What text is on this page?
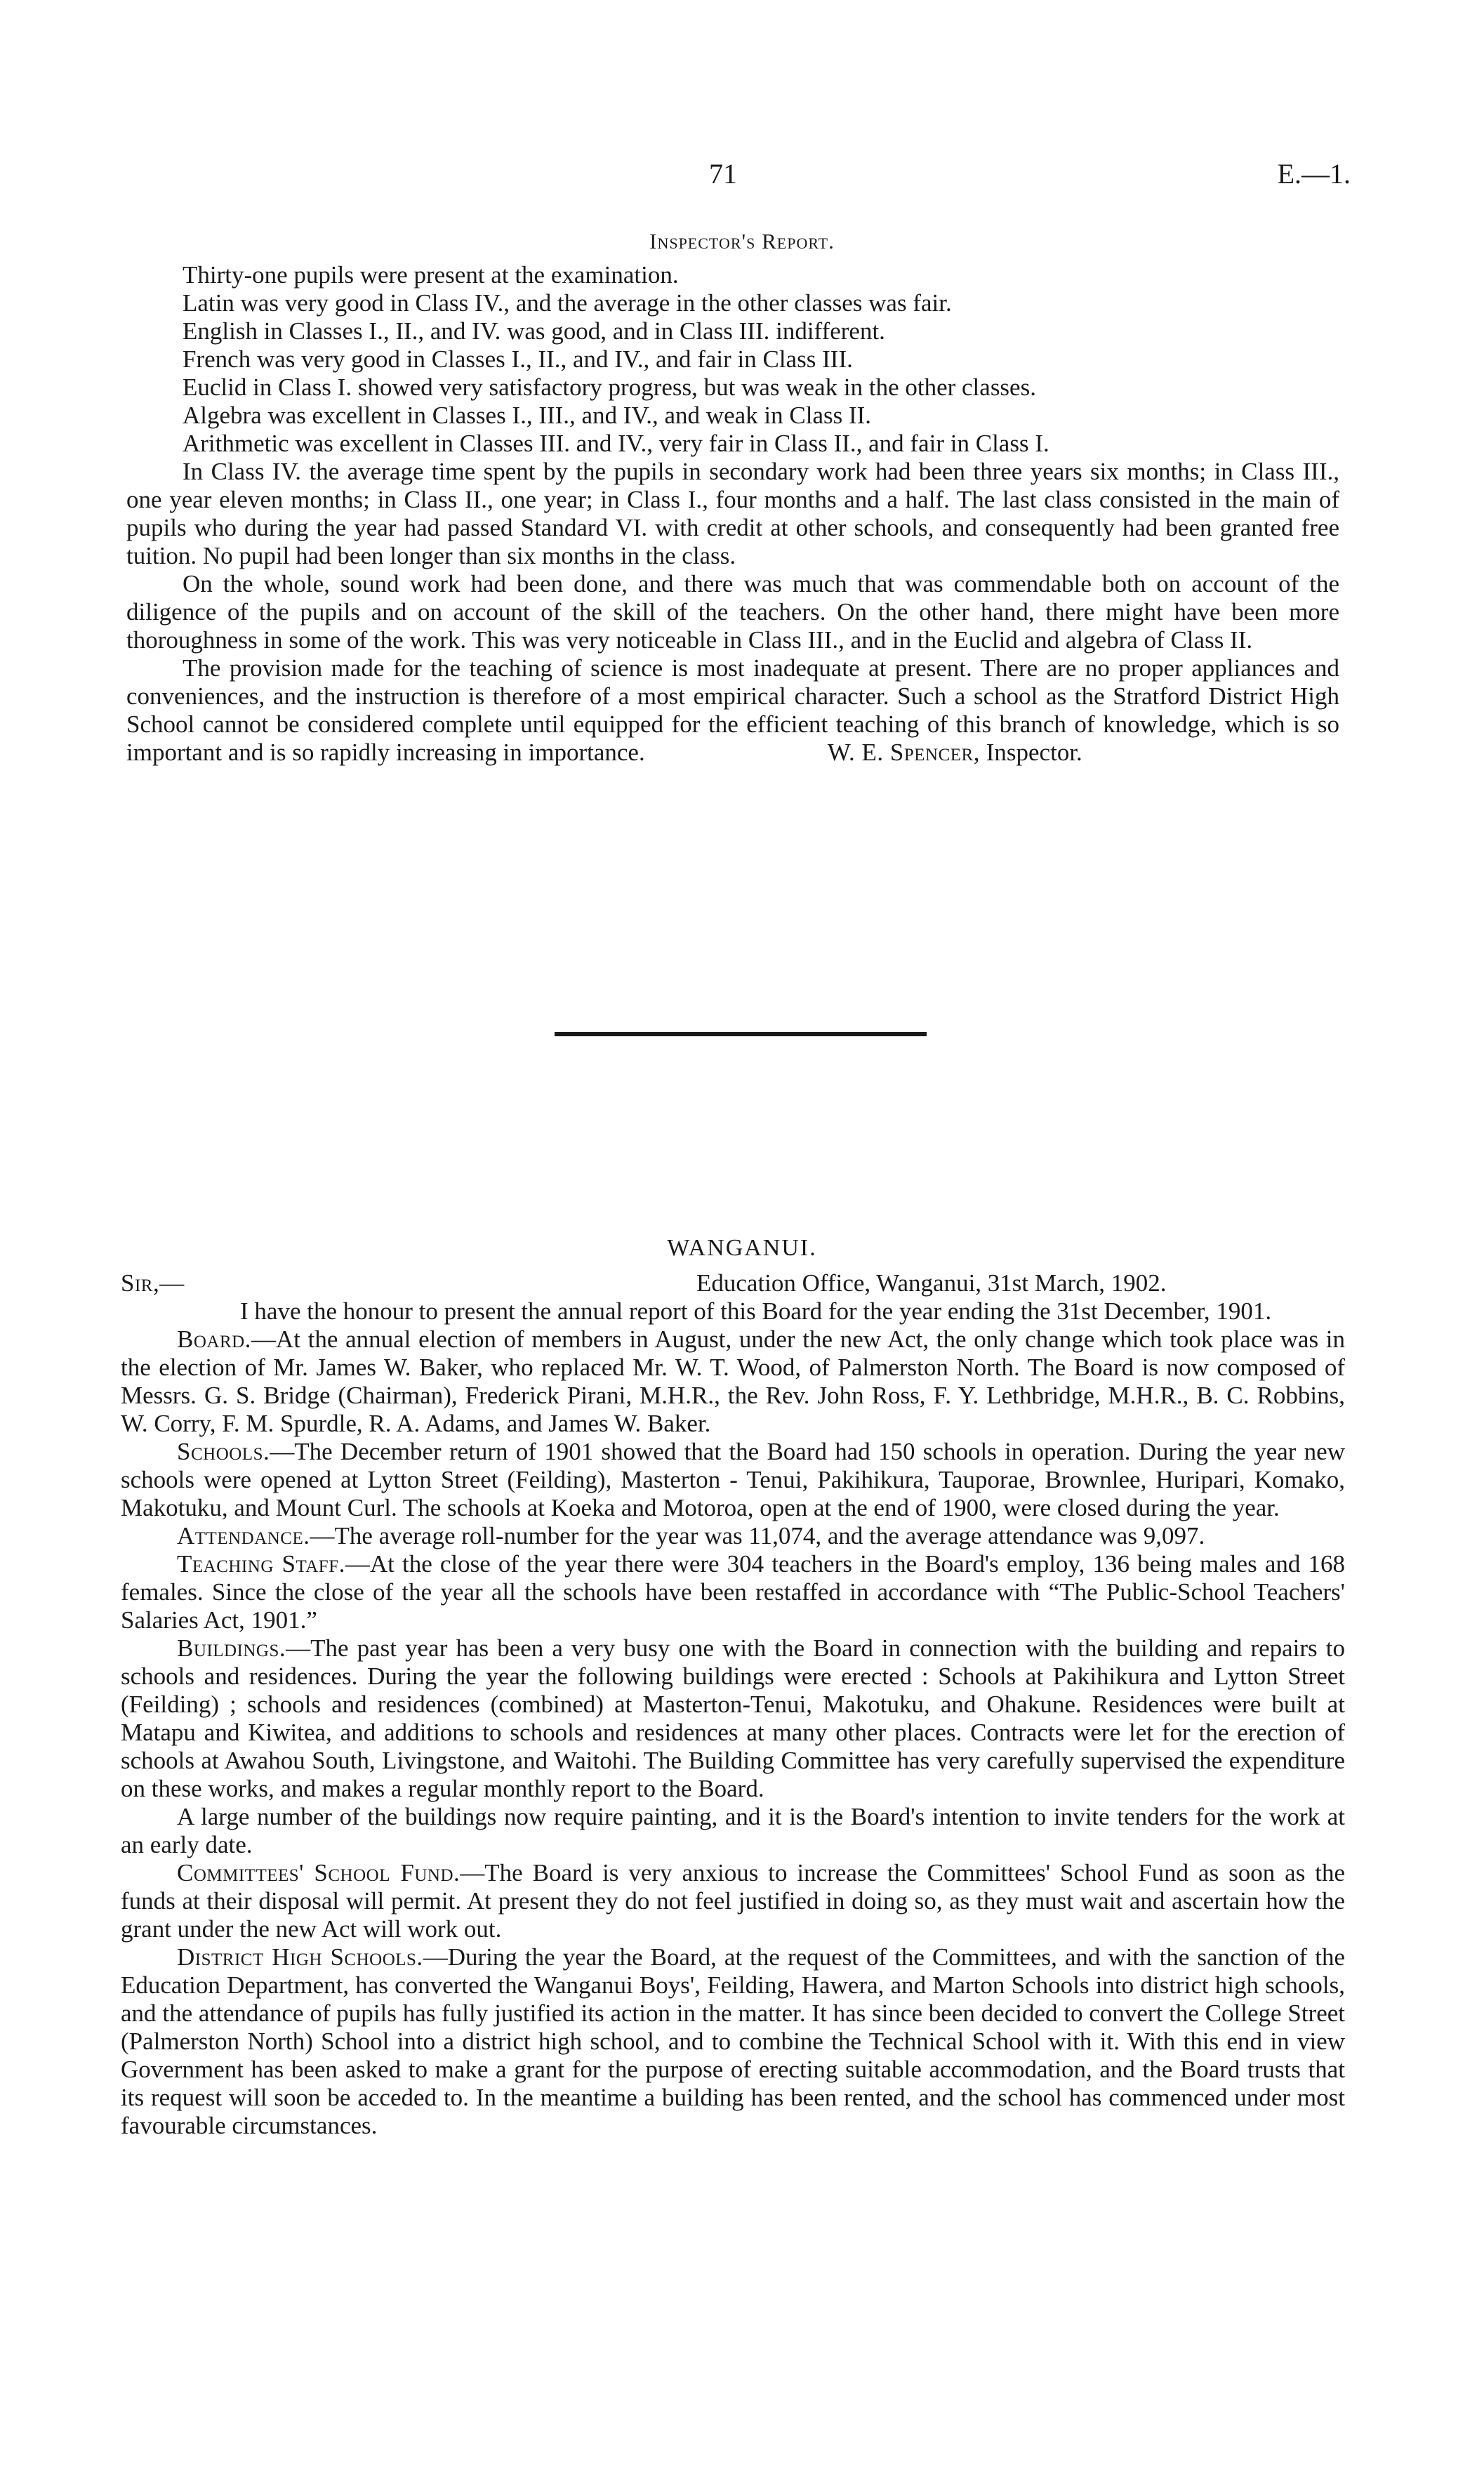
71	E.—1.
Inspector's Report.

Thirty-one pupils were present at the examination.

Latin was very good in Class IV., and the average in the other classes was fair.

English in Classes I., II., and IV. was good, and in Class III. indifferent.

French was very good in Classes I., II., and IV., and fair in Class III.

Euclid in Class I. showed very satisfactory progress, but was weak in the other classes.

Algebra was excellent in Classes I., III., and IV., and weak in Class II.

Arithmetic was excellent in Classes III. and IV., very fair in Class II., and fair in Class I.

In Class IV. the average time spent by the pupils in secondary work had been three years six months; in Class III., one year eleven months; in Class II., one year; in Class I., four months and a half. The last class consisted in the main of pupils who during the year had passed Standard VI. with credit at other schools, and consequently had been granted free tuition. No pupil had been longer than six months in the class.

On the whole, sound work had been done, and there was much that was commendable both on account of the diligence of the pupils and on account of the skill of the teachers. On the other hand, there might have been more thoroughness in some of the work. This was very noticeable in Class III., and in the Euclid and algebra of Class II.

The provision made for the teaching of science is most inadequate at present. There are no proper appliances and conveniences, and the instruction is therefore of a most empirical character. Such a school as the Stratford District High School cannot be considered complete until equipped for the efficient teaching of this branch of knowledge, which is so important and is so rapidly increasing in importance.	W. E. Spencer, Inspector.

WANGANUI.
Sir,—	Education Office, Wanganui, 31st March, 1902.

I have the honour to present the annual report of this Board for the year ending the 31st December, 1901.

Board.—At the annual election of members in August, under the new Act, the only change which took place was in the election of Mr. James W. Baker, who replaced Mr. W. T. Wood, of Palmerston North. The Board is now composed of Messrs. G. S. Bridge (Chairman), Frederick Pirani, M.H.R., the Rev. John Ross, F. Y. Lethbridge, M.H.R., B. C. Robbins, W. Corry, F. M. Spurdle, R. A. Adams, and James W. Baker.

Schools.—The December return of 1901 showed that the Board had 150 schools in operation. During the year new schools were opened at Lytton Street (Feilding), Masterton - Tenui, Pakihikura, Tauporae, Brownlee, Huripari, Komako, Makotuku, and Mount Curl. The schools at Koeka and Motoroa, open at the end of 1900, were closed during the year.

Attendance.—The average roll-number for the year was 11,074, and the average attendance was 9,097.

Teaching Staff.—At the close of the year there were 304 teachers in the Board's employ, 136 being males and 168 females. Since the close of the year all the schools have been restaffed in accordance with “The Public-School Teachers' Salaries Act, 1901.”

Buildings.—The past year has been a very busy one with the Board in connection with the building and repairs to schools and residences. During the year the following buildings were erected : Schools at Pakihikura and Lytton Street (Feilding) ; schools and residences (combined) at Masterton-Tenui, Makotuku, and Ohakune. Residences were built at Matapu and Kiwitea, and additions to schools and residences at many other places. Contracts were let for the erection of schools at Awahou South, Livingstone, and Waitohi. The Building Committee has very carefully supervised the expenditure on these works, and makes a regular monthly report to the Board.

A large number of the buildings now require painting, and it is the Board's intention to invite tenders for the work at an early date.

Committees' School Fund.—The Board is very anxious to increase the Committees' School Fund as soon as the funds at their disposal will permit. At present they do not feel justified in doing so, as they must wait and ascertain how the grant under the new Act will work out.

District High Schools.—During the year the Board, at the request of the Committees, and with the sanction of the Education Department, has converted the Wanganui Boys', Feilding, Hawera, and Marton Schools into district high schools, and the attendance of pupils has fully justified its action in the matter. It has since been decided to convert the College Street (Palmerston North) School into a district high school, and to combine the Technical School with it. With this end in view Government has been asked to make a grant for the purpose of erecting suitable accommodation, and the Board trusts that its request will soon be acceded to. In the meantime a building has been rented, and the school has commenced under most favourable circumstances.
